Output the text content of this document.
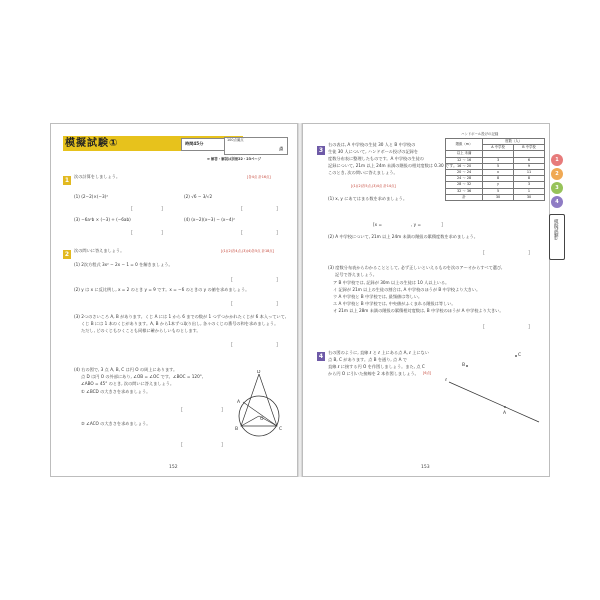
模擬試験①	時間45分
100点満点
点
➡ 解答・解説は別冊22・23ページ
1
次の計算をしましょう。	[各4点 計16点]
(1) (2−2)×(−3)²	(2) √6 − 3/√2
(3) −6a²b × (−3) ÷ (−6ab)	(4) (x−2)(x−3) − (x−4)²
[	]	[	]
[	]	[	]
2
次の問いに答えましょう。	[(1)(2)各4点,(3)(4)各5点 計18点]
(1) 2次方程式 3x² − 2x − 1 = 0 を解きましょう。
[	]
(2) y は x に反比例し, x = 2 のとき y = 9 です。x = −6 のときの y の値を求めましょう。
[	]
(3) 2つのさいころ A, B があります。くじ A には 1 から 6 までの数が 1 つずつかかれたくじが 6 本入っていて,
くじ B には 1 本のくじがあります。A, B から1本ずつ取り出し, 各々のくじの番号の和を求めましょう。
ただし, どのくじもひくことも同様に確からしいものとします。
[	]
(4) 右の図で, 3 点 A, B, C は円 O の周上にあります。
点 D は円 O の外部にあり, ∠OB = ∠OC です。∠BOC = 120°,
∠ABO = 45° のとき, 次の問いに答えましょう。
① ∠BCD の大きさを求めましょう。
[	]
② ∠ACO の大きさを求めましょう。
[	]
D
A
B	C
O
152
3
右の表は, A 中学校の生徒 30 人と B 中学校の
生徒 30 人について, ハンドボール投げの記録を
度数分布表に整理したものです。A 中学校の生徒の
記録について, 21m 以上 24m 未満の階級の相対度数は 0.30 です。
このとき, 次の問いに答えましょう。
[(1)(2)各5点,(3)4点 計14点]
(1) x, y にあてはまる数を求めましょう。
[x =	, y =	]
(2) A 中学校について, 21m 以上 24m 未満の階級の累積度数を求めましょう。
[	]
(3) 度数分布表からわかることとして, 必ず正しいといえるものを次のア〜オからすべて選び,
記号で答えましょう。
ア B 中学校では, 記録が 30m 以上の生徒は 10 人以上いる。
イ 記録が 21m 以上の生徒の割合は, A 中学校のほうが B 中学校より大きい。
ウ A 中学校と B 中学校では, 最頻値は等しい。
エ A 中学校と B 中学校では, 中央値がふくまれる階級は等しい。
オ 21m 以上 28m 未満の階級の累積相対度数は, B 中学校のほうが A 中学校より大きい。
[	]
ハンドボール投げの記録
階級（m）	度数（人）	
	A 中学校	B 中学校
以上 未満		
12 〜 16	3	6
16 〜 20	5	9
20 〜 24	x	11
24 〜 28	8	8
28 〜 32	y	3
32 〜 36	5	1
計	30	30
4
右の図のように, 直線 ℓ と ℓ 上にある点 A, ℓ 上にない
点 B, C があります。点 B を通り, 点 A で
直線 ℓ に接する円 O を作図しましょう。また, 点 C
から円 O に引いた接線を 2 本作図しましょう。 [6点]
ℓ
A
B
C
153
1
2
3
4
模擬試験①
